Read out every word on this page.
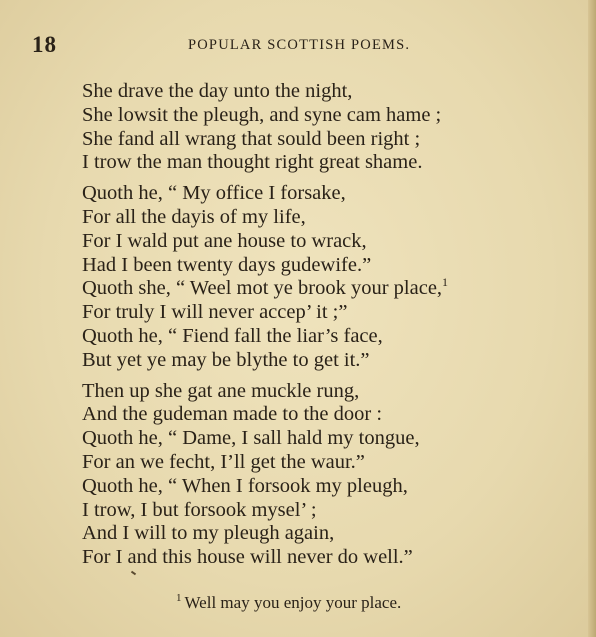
18	POPULAR SCOTTISH POEMS.
She drave the day unto the night,
She lowsit the pleugh, and syne cam hame ;
She fand all wrang that sould been right ;
I trow the man thought right great shame.
Quoth he, “ My office I forsake,
For all the dayis of my life,
For I wald put ane house to wrack,
Had I been twenty days gudewife.”
Quoth she, “ Weel mot ye brook your place,$^1$
For truly I will never accep’ it ;”
Quoth he, “ Fiend fall the liar’s face,
But yet ye may be blythe to get it.”
Then up she gat ane muckle rung,
And the gudeman made to the door :
Quoth he, “ Dame, I sall hald my tongue,
For an we fecht, I’ll get the waur.”
Quoth he, “ When I forsook my pleugh,
I trow, I but forsook mysel’ ;
And I will to my pleugh again,
For I and this house will never do well.”
$^1$ Well may you enjoy your place.
